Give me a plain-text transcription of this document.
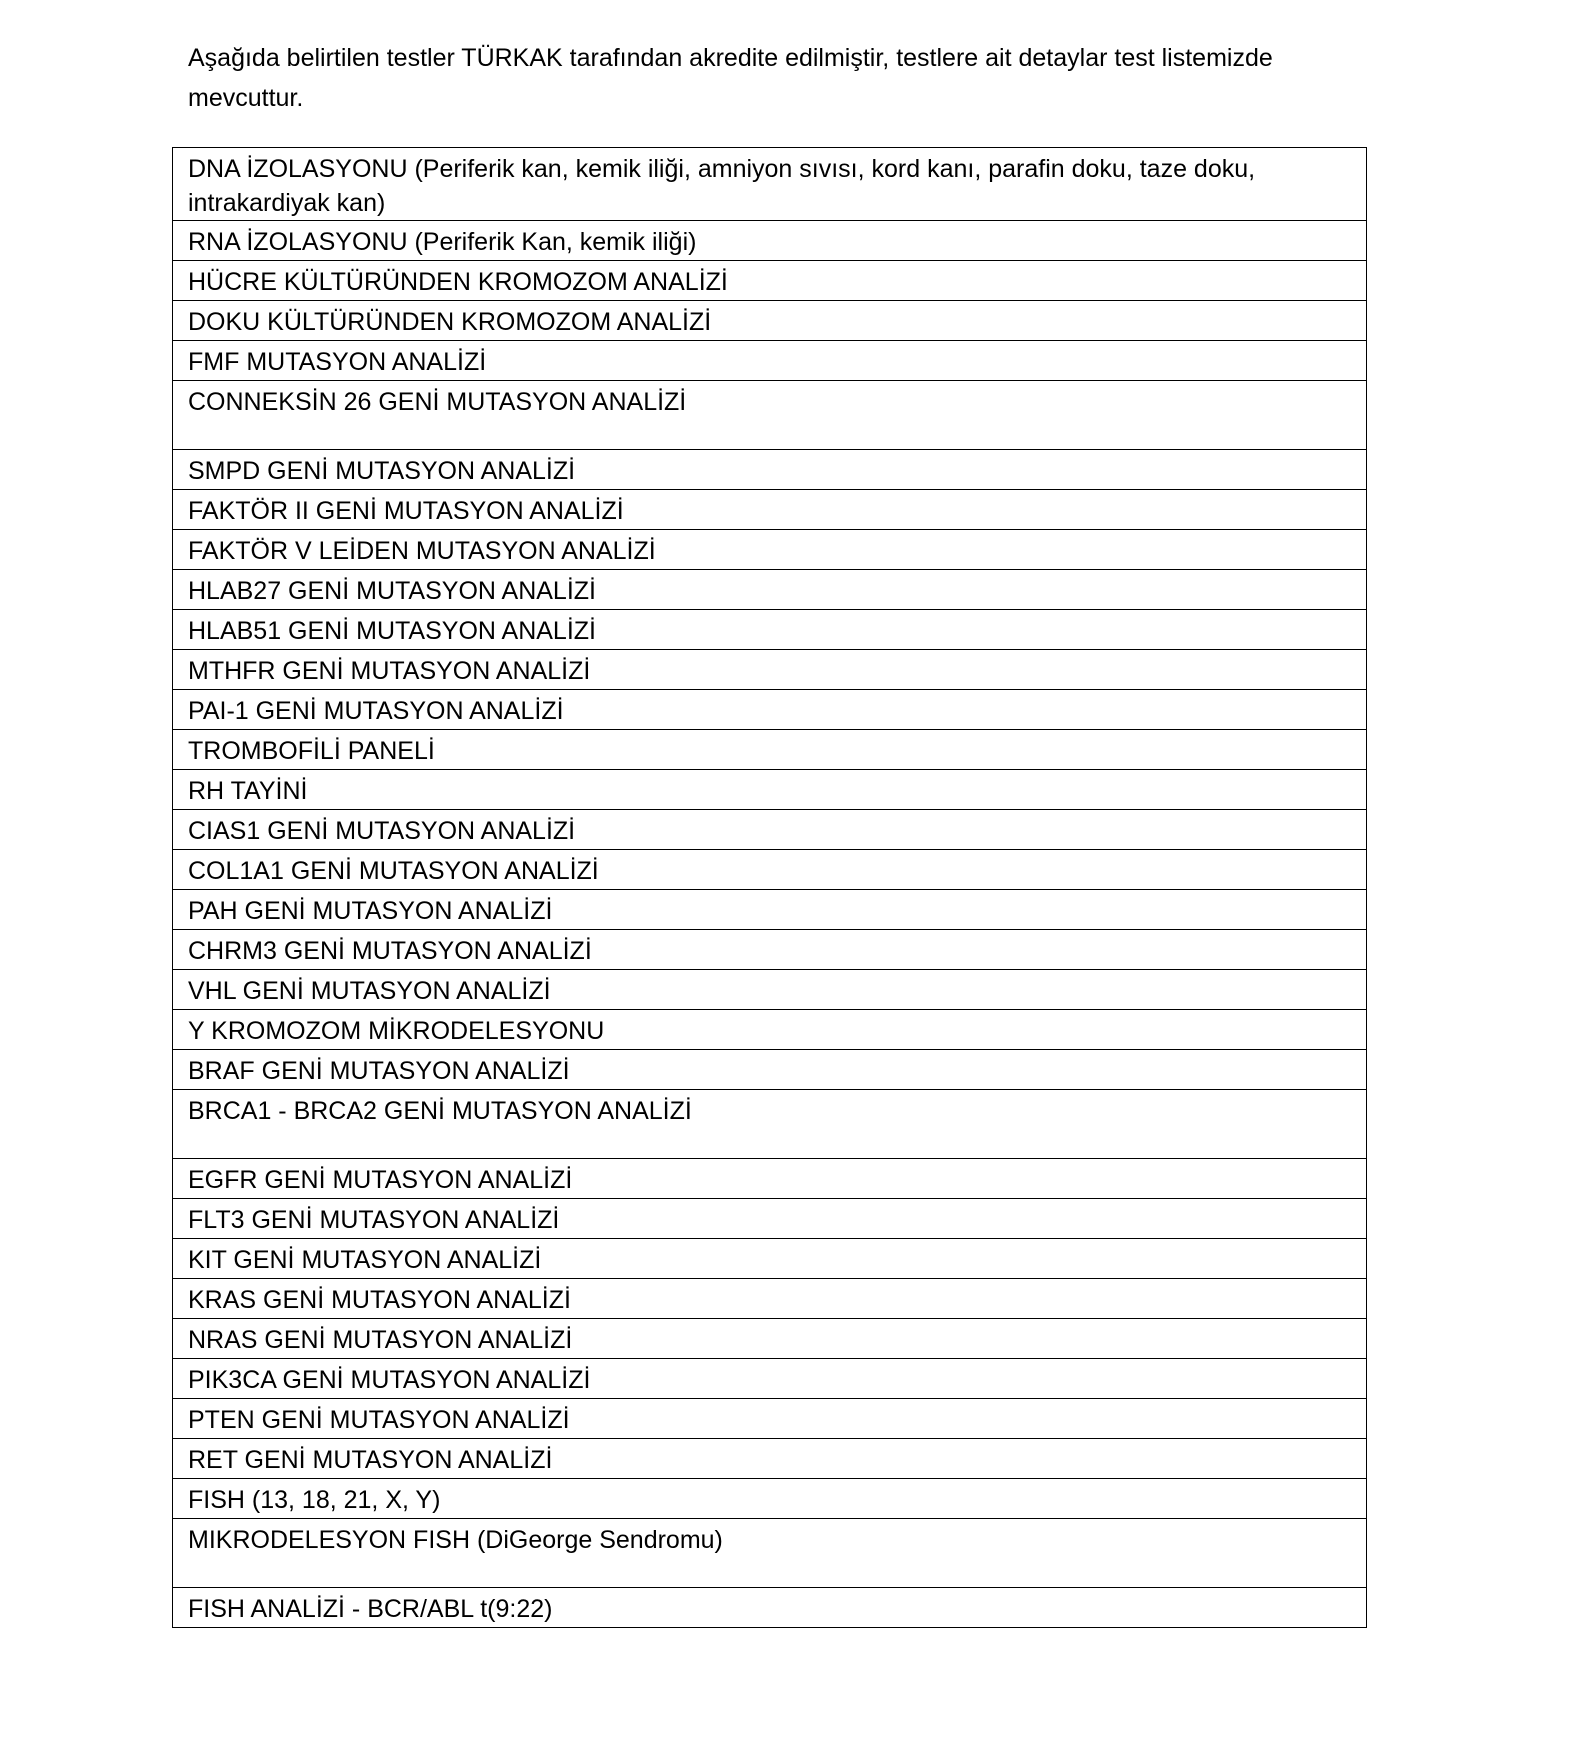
Aşağıda belirtilen testler TÜRKAK tarafından akredite edilmiştir, testlere ait detaylar test listemizde mevcuttur.

DNA İZOLASYONU (Periferik kan, kemik iliği, amniyon sıvısı, kord kanı, parafin doku, taze doku, intrakardiyak kan)
RNA İZOLASYONU (Periferik Kan, kemik iliği)
HÜCRE KÜLTÜRÜNDEN KROMOZOM ANALİZİ
DOKU KÜLTÜRÜNDEN KROMOZOM ANALİZİ
FMF MUTASYON ANALİZİ
CONNEKSİN 26 GENİ MUTASYON ANALİZİ
SMPD GENİ MUTASYON ANALİZİ
FAKTÖR II GENİ MUTASYON ANALİZİ
FAKTÖR V LEİDEN MUTASYON ANALİZİ
HLAB27 GENİ MUTASYON ANALİZİ
HLAB51 GENİ MUTASYON ANALİZİ
MTHFR GENİ MUTASYON ANALİZİ
PAI-1 GENİ MUTASYON ANALİZİ
TROMBOFİLİ PANELİ
RH TAYİNİ
CIAS1 GENİ MUTASYON ANALİZİ
COL1A1 GENİ MUTASYON ANALİZİ
PAH GENİ MUTASYON ANALİZİ
CHRM3 GENİ MUTASYON ANALİZİ
VHL GENİ MUTASYON ANALİZİ
Y KROMOZOM MİKRODELESYONU
BRAF GENİ MUTASYON ANALİZİ
BRCA1 - BRCA2 GENİ MUTASYON ANALİZİ
EGFR GENİ MUTASYON ANALİZİ
FLT3 GENİ MUTASYON ANALİZİ
KIT GENİ MUTASYON ANALİZİ
KRAS GENİ MUTASYON ANALİZİ
NRAS GENİ MUTASYON ANALİZİ
PIK3CA GENİ MUTASYON ANALİZİ
PTEN GENİ MUTASYON ANALİZİ
RET GENİ MUTASYON ANALİZİ
FISH (13, 18, 21, X, Y)
MIKRODELESYON FISH (DiGeorge Sendromu)
FISH ANALİZİ - BCR/ABL t(9:22)
